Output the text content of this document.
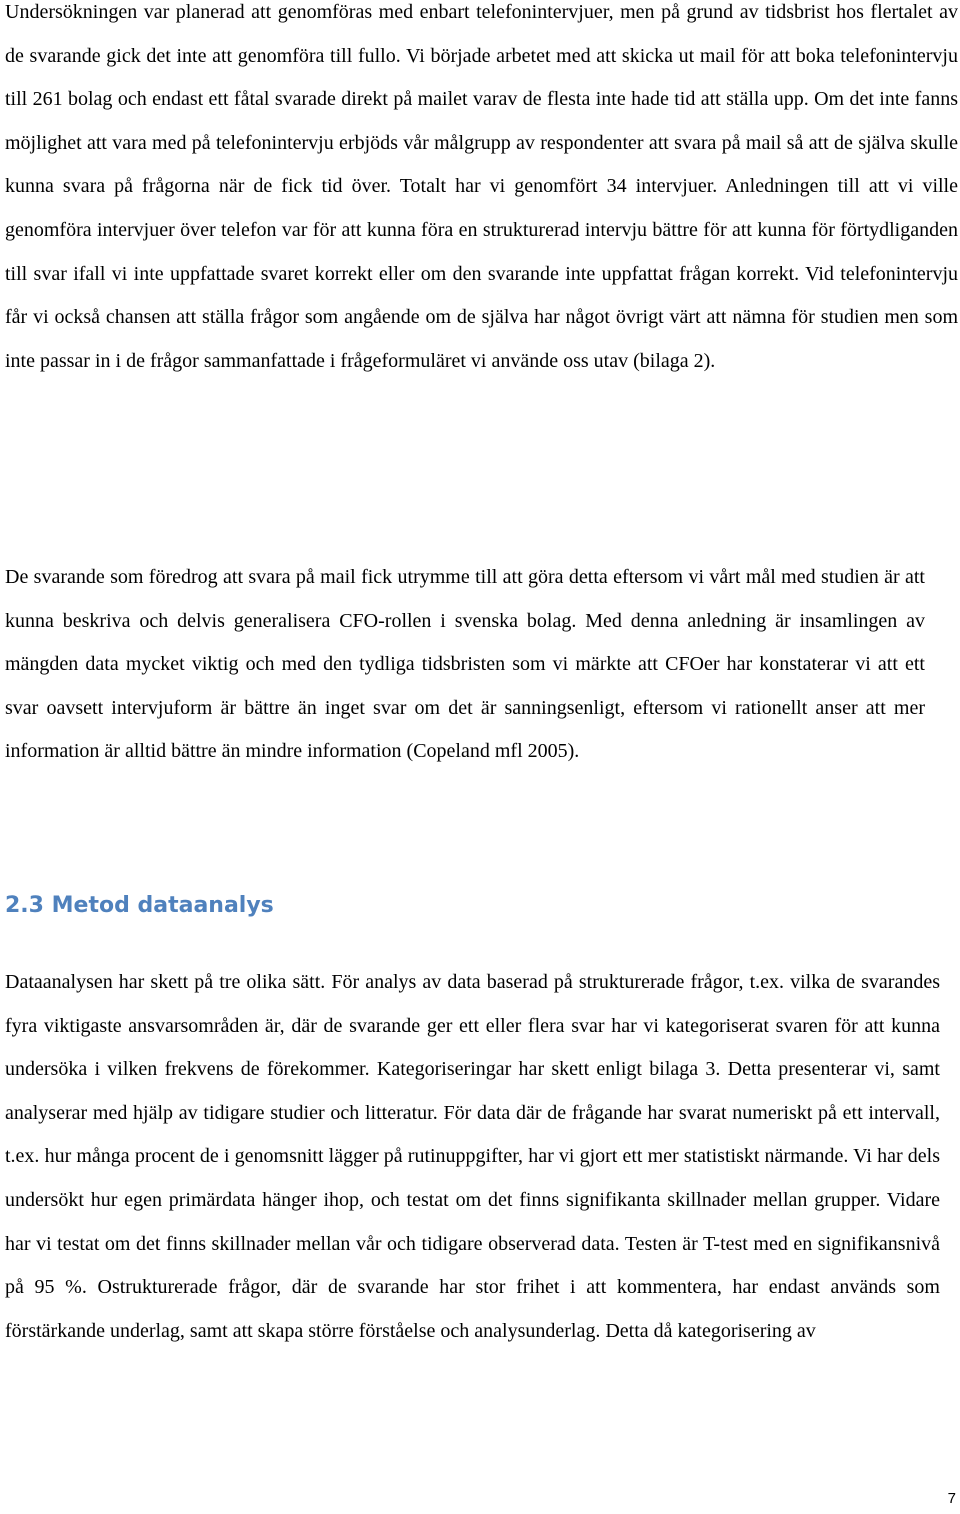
Undersökningen var planerad att genomföras med enbart telefonintervjuer, men på grund av tidsbrist hos flertalet av de svarande gick det inte att genomföra till fullo. Vi började arbetet med att skicka ut mail för att boka telefonintervju till 261 bolag och endast ett fåtal svarade direkt på mailet varav de flesta inte hade tid att ställa upp. Om det inte fanns möjlighet att vara med på telefonintervju erbjöds vår målgrupp av respondenter att svara på mail så att de själva skulle kunna svara på frågorna när de fick tid över. Totalt har vi genomfört 34 intervjuer. Anledningen till att vi ville genomföra intervjuer över telefon var för att kunna föra en strukturerad intervju bättre för att kunna för förtydliganden till svar ifall vi inte uppfattade svaret korrekt eller om den svarande inte uppfattat frågan korrekt. Vid telefonintervju får vi också chansen att ställa frågor som angående om de själva har något övrigt värt att nämna för studien men som inte passar in i de frågor sammanfattade i frågeformuläret vi använde oss utav (bilaga 2).

De svarande som föredrog att svara på mail fick utrymme till att göra detta eftersom vi vårt mål med studien är att kunna beskriva och delvis generalisera CFO-rollen i svenska bolag. Med denna anledning är insamlingen av mängden data mycket viktig och med den tydliga tidsbristen som vi märkte att CFOer har konstaterar vi att ett svar oavsett intervjuform är bättre än inget svar om det är sanningsenligt, eftersom vi rationellt anser att mer information är alltid bättre än mindre information (Copeland mfl 2005).

2.3 Metod dataanalys

Dataanalysen har skett på tre olika sätt. För analys av data baserad på strukturerade frågor, t.ex. vilka de svarandes fyra viktigaste ansvarsområden är, där de svarande ger ett eller flera svar har vi kategoriserat svaren för att kunna undersöka i vilken frekvens de förekommer. Kategoriseringar har skett enligt bilaga 3. Detta presenterar vi, samt analyserar med hjälp av tidigare studier och litteratur. För data där de frågande har svarat numeriskt på ett intervall, t.ex. hur många procent de i genomsnitt lägger på rutinuppgifter, har vi gjort ett mer statistiskt närmande. Vi har dels undersökt hur egen primärdata hänger ihop, och testat om det finns signifikanta skillnader mellan grupper. Vidare har vi testat om det finns skillnader mellan vår och tidigare observerad data. Testen är T-test med en signifikansnivå på 95 %. Ostrukturerade frågor, där de svarande har stor frihet i att kommentera, har endast används som förstärkande underlag, samt att skapa större förståelse och analysunderlag. Detta då kategorisering av

7
